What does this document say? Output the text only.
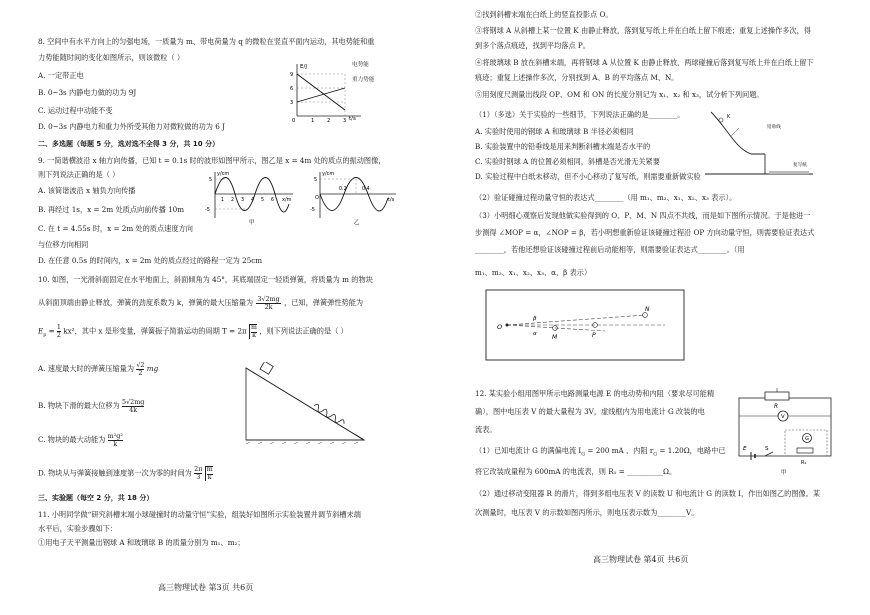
8. 空间中有水平方向上的匀强电场，一质量为 m、带电荷量为 q 的微粒在竖直平面内运动，其电势能和重
力势能随时间的变化如图所示，则该微粒（ ）
A. 一定带正电
B. 0~3s 内静电力做的功为 9J
C. 运动过程中动能不变
D. 0~3s 内静电力和重力外所受其他力对微粒做的功为 6 J
E/J
t/s
9
6
3
0	1	2	3
电势能
重力势能
二、多选题（每题 5 分，选对选不全得 3 分，共 10 分）
9. 一简谐横波沿 x 轴方向传播，已知 t = 0.1s 时的波形如图甲所示，图乙是 x = 4m 处的质点的振动图像，
则下列说法正确的是（ ）
A. 该简谐波沿 x 轴负方向传播
B. 再经过 1s，x = 2m 处质点向前传播 10m
C. 在 t = 4.55s 时，x = 2m 处的质点速度方向
与位移方向相同
D. 在任意 0.5s 的时间内，x = 2m 处的质点经过的路程一定为 25cm
y/cm
x/m
5
-5
1 2 3 4 5 6
甲
y/cm
t/s
5
-5
O
0.2	0.4
乙
10. 如图，一光滑斜面固定在水平地面上，斜面倾角为 45°，其底端固定一轻质弹簧，将质量为 m 的物块
从斜面顶端由静止释放，弹簧的劲度系数为 k，弹簧的最大压缩量为 $\frac{3√2mg}{2k}$ ，已知，弹簧弹性势能为
$E_p = \frac{1}{2} kx^2$，其中 x 是形变量，弹簧振子简谐运动的周期 $T = 2\pi \frac{m}{k}$ ，则下列说法正确的是（ ）
A. 速度最大时的弹簧压缩量为 $\frac{√2}{2}$ mg
B. 物块下滑的最大位移为 $\frac{5√2mg}{4k}$
C. 物块的最大动能为 $\frac{\text{m²g²}}{k}$
D. 物块从与弹簧接触到速度第一次为零的时间为 $\frac{2\pi}{3}$
$\frac{m}{k}$
三、实验题（每空 2 分，共 18 分）
11. 小明同学做“研究斜槽末端小球碰撞时的动量守恒”实验，组装好如图所示实验装置并调节斜槽末端
水平后，实验步骤如下：
①用电子天平测量出钢球 A 和玻璃球 B 的质量分别为 m₁、m₂；
高三物理试卷 第3页 共6页
②找到斜槽末端在白纸上的竖直投影点 O。
③将钢球 A 从斜槽上某一位置 K 由静止释放，落到复写纸上并在白纸上留下痕迹；重复上述操作多次，得
到多个落点痕迹，找到平均落点 P。
④将玻璃球 B 放在斜槽末端，再将钢球 A 从位置 K 由静止释放，两球碰撞后落到复写纸上并在白纸上留下
痕迹；重复上述操作多次，分别找到 A、B 的平均落点 M、N。
⑤用刻度尺测量出线段 OP、OM 和 ON 的长度分别记为 x₁、x₂ 和 x₃，试分析下列问题。
（1）（多选）关于实验的一些细节，下列说法正确的是________。
A. 实验时使用的钢球 A 和玻璃球 B 半径必须相同
B. 实验装置中的铅垂线是用来判断斜槽末端是否水平的
C. 实验时钢球 A 的位置必须相同，斜槽是否光滑无关紧要
D. 实验过程中白纸未移动，但不小心移动了复写纸，则需要重新做实验
（2）验证碰撞过程动量守恒的表达式________（用 m₁、m₂、x₁、x₂、x₃ 表示）。
（3）小明细心观察后发现他做实验得到的 O、P、M、N 四点不共线，而是如下图所示情况。于是他进一
步测得 ∠MOP = α，∠NOP = β，若小明想重新验证该碰撞过程沿 OP 方向动量守恒，则需要验证表达式
________，若他还想验证该碰撞过程前后动能相等，则需要验证表达式________。（用
m₁、m₂、x₁、x₂、x₃、α、β 表示）
K
铅垂线
复写纸
O
M	P
N
β
α
12. 某实验小组用图甲所示电路测量电源 E 的电动势和内阻（要求尽可能精
确），图中电压表 V 的最大量程为 3V，虚线框内为用电流计 G 改装的电
流表。
（1）已知电流计 G 的满偏电流 $I_G = 200$ mA 、内阻 $r_G = 1.20\Omega$，电路中已
将它改装成量程为 600mA 的电流表，则 R₁ = __________Ω。
（2）通过移动变阻器 R 的滑片，得到多组电压表 V 的读数 U 和电流计 G 的读数 I，作出如图乙的图像。某
次测量时，电压表 V 的示数如图丙所示，则电压表示数为________V。
R
V
E	S
G
R₁
甲
高三物理试卷 第4页 共6页
